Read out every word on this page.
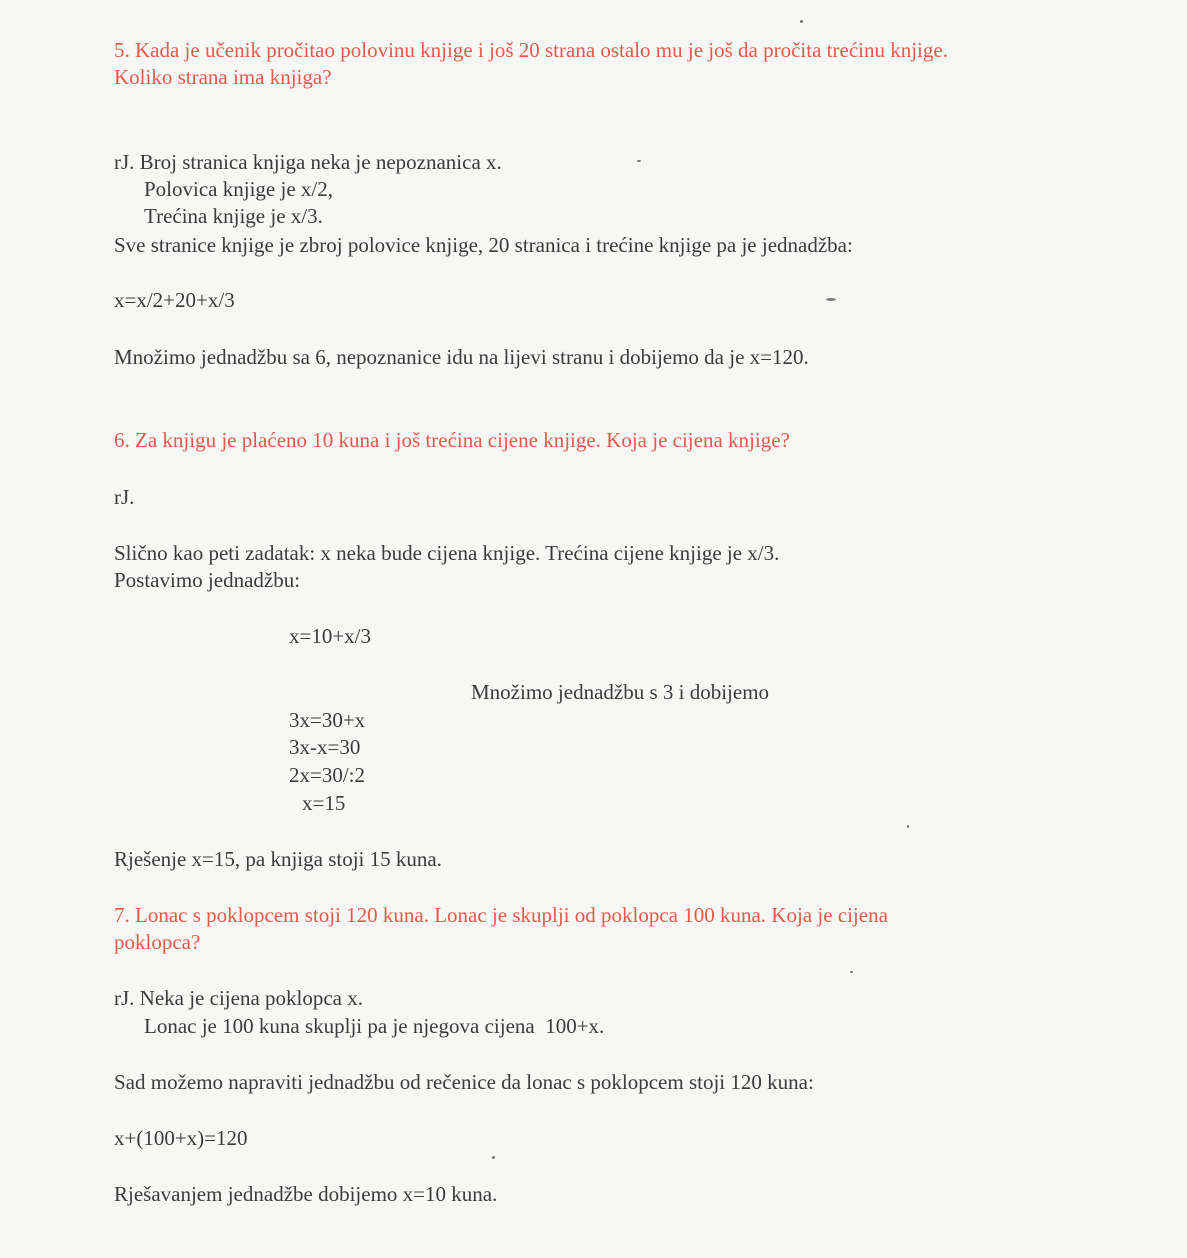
5. Kada je učenik pročitao polovinu knjige i još 20 strana ostalo mu je još da pročita trećinu knjige.
Koliko strana ima knjiga?
rJ. Broj stranica knjiga neka je nepoznanica x.
Polovica knjige je x/2,
Trećina knjige je x/3.
Sve stranice knjige je zbroj polovice knjige, 20 stranica i trećine knjige pa je jednadžba:
x=x/2+20+x/3
Množimo jednadžbu sa 6, nepoznanice idu na lijevi stranu i dobijemo da je x=120.
6. Za knjigu je plaćeno 10 kuna i još trećina cijene knjige. Koja je cijena knjige?
rJ.
Slično kao peti zadatak: x neka bude cijena knjige. Trećina cijene knjige je x/3.
Postavimo jednadžbu:
x=10+x/3
Množimo jednadžbu s 3 i dobijemo
3x=30+x
3x-x=30
2x=30/:2
x=15
Rješenje x=15, pa knjiga stoji 15 kuna.
7. Lonac s poklopcem stoji 120 kuna. Lonac je skuplji od poklopca 100 kuna. Koja je cijena
poklopca?
rJ. Neka je cijena poklopca x.
Lonac je 100 kuna skuplji pa je njegova cijena  100+x.
Sad možemo napraviti jednadžbu od rečenice da lonac s poklopcem stoji 120 kuna:
x+(100+x)=120
Rješavanjem jednadžbe dobijemo x=10 kuna.
